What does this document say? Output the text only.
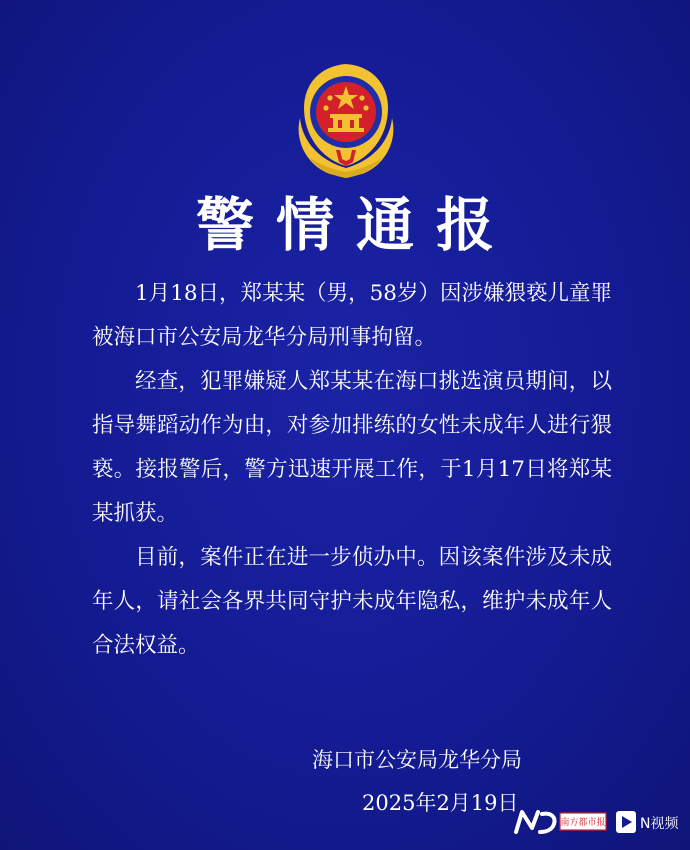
警情通报

1月18日，郑某某（男，58岁）因涉嫌猥亵儿童罪被海口市公安局龙华分局刑事拘留。

经查，犯罪嫌疑人郑某某在海口挑选演员期间，以指导舞蹈动作为由，对参加排练的女性未成年人进行猥亵。接报警后，警方迅速开展工作，于1月17日将郑某某抓获。

目前，案件正在进一步侦办中。因该案件涉及未成年人，请社会各界共同守护未成年隐私，维护未成年人合法权益。

海口市公安局龙华分局
2025年2月19日
南方都市报 N视频
